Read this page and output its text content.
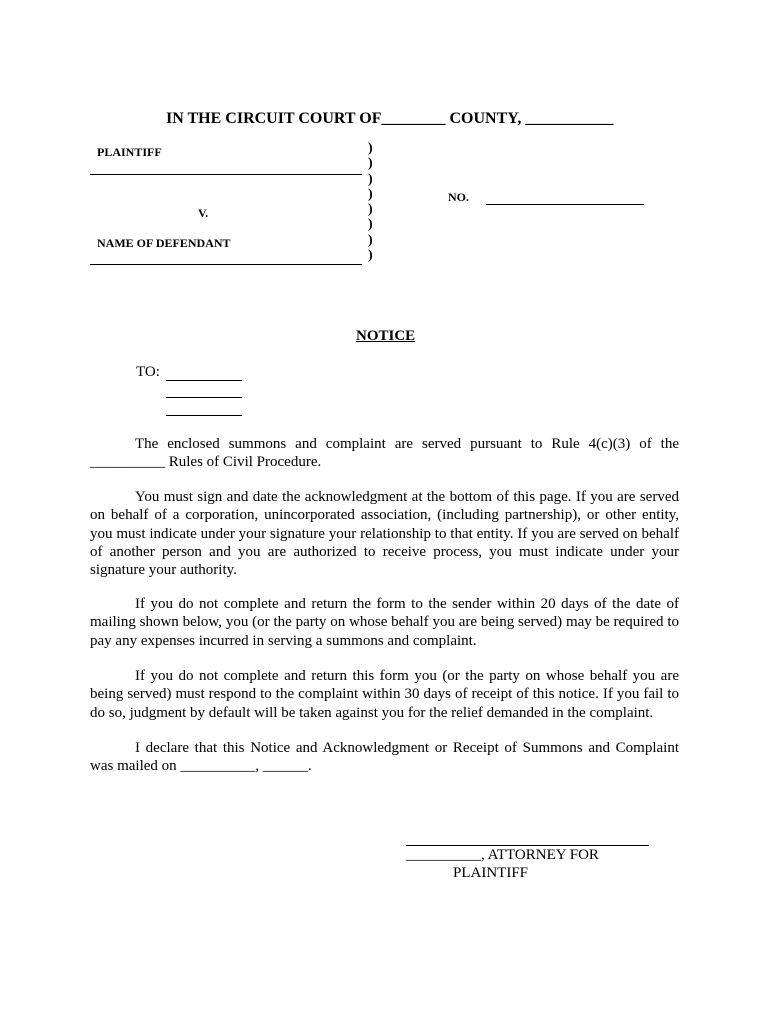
IN THE CIRCUIT COURT OF________ COUNTY, ___________
PLAINTIFF
V.
NAME OF DEFENDANT
)
)
)
)
)
)
)
)
NO.
NOTICE
TO:
The enclosed summons and complaint are served pursuant to Rule 4(c)(3) of the __________ Rules of Civil Procedure.
You must sign and date the acknowledgment at the bottom of this page. If you are served on behalf of a corporation, unincorporated association, (including partnership), or other entity, you must indicate under your signature your relationship to that entity. If you are served on behalf of another person and you are authorized to receive process, you must indicate under your signature your authority.
If you do not complete and return the form to the sender within 20 days of the date of mailing shown below, you (or the party on whose behalf you are being served) may be required to pay any expenses incurred in serving a summons and complaint.
If you do not complete and return this form you (or the party on whose behalf you are being served) must respond to the complaint within 30 days of receipt of this notice. If you fail to do so, judgment by default will be taken against you for the relief demanded in the complaint.
I declare that this Notice and Acknowledgment or Receipt of Summons and Complaint was mailed on __________, ______.
__________, ATTORNEY FOR
PLAINTIFF
